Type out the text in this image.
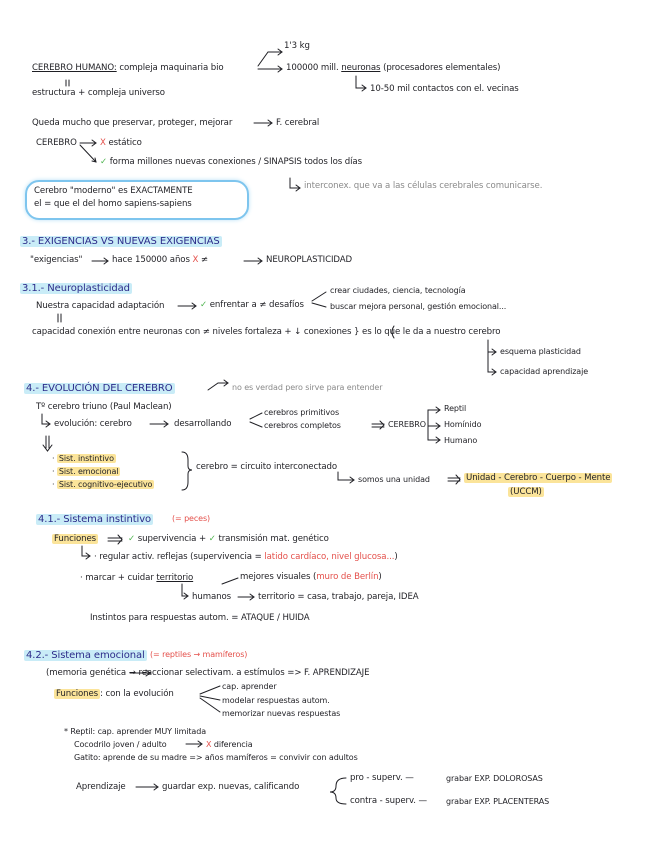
1'3 kg
CEREBRO HUMANO: compleja maquinaria bio	100000 mill. neuronas (procesadores elementales)
estructura + compleja universo	10-50 mil contactos con el. vecinas
Queda mucho que preservar, proteger, mejorar	F. cerebral
CEREBRO	X estático
✓ forma millones nuevas conexiones / SINAPSIS todos los días
interconex. que va a las células cerebrales comunicarse.
Cerebro "moderno" es EXACTAMENTE
el = que el del homo sapiens-sapiens
3.- EXIGENCIAS VS NUEVAS EXIGENCIAS
"exigencias"	hace 150000 años X ≠	NEUROPLASTICIDAD
3.1.- Neuroplasticidad
Nuestra capacidad adaptación	✓ enfrentar a ≠ desafíos
crear ciudades, ciencia, tecnología
buscar mejora personal, gestión emocional...
capacidad conexión entre neuronas con ≠ niveles fortaleza + ↓ conexiones } es lo que le da a nuestro cerebro
esquema plasticidad
capacidad aprendizaje
4.- EVOLUCIÓN DEL CEREBRO	no es verdad pero sirve para entender
Tº cerebro triuno (Paul Maclean)
evolución: cerebro	desarrollando
cerebros primitivos
cerebros completos	CEREBRO
Reptil
Homínido
Humano
· Sist. instintivo
· Sist. emocional
· Sist. cognitivo-ejecutivo
cerebro = circuito interconectado
somos una unidad	Unidad - Cerebro - Cuerpo - Mente
(UCCM)
4.1.- Sistema instintivo	(= peces)
Funciones	✓ supervivencia + ✓ transmisión mat. genético
· regular activ. reflejas (supervivencia = latido cardíaco, nivel glucosa...)
· marcar + cuidar territorio	mejores visuales (muro de Berlín)
humanos	territorio = casa, trabajo, pareja, IDEA
Instintos para respuestas autom. = ATAQUE / HUIDA
4.2.- Sistema emocional (= reptiles → mamíferos)
(memoria genética → reaccionar selectivam. a estímulos => F. APRENDIZAJE
Funciones : con la evolución
cap. aprender
modelar respuestas autom.
memorizar nuevas respuestas
* Reptil: cap. aprender MUY limitada
Cocodrilo joven / adulto	X diferencia
Gatito: aprende de su madre => años mamíferos = convivir con adultos
Aprendizaje	guardar exp. nuevas, calificando
pro - superv. —	grabar EXP. DOLOROSAS
contra - superv. — grabar EXP. PLACENTERAS
